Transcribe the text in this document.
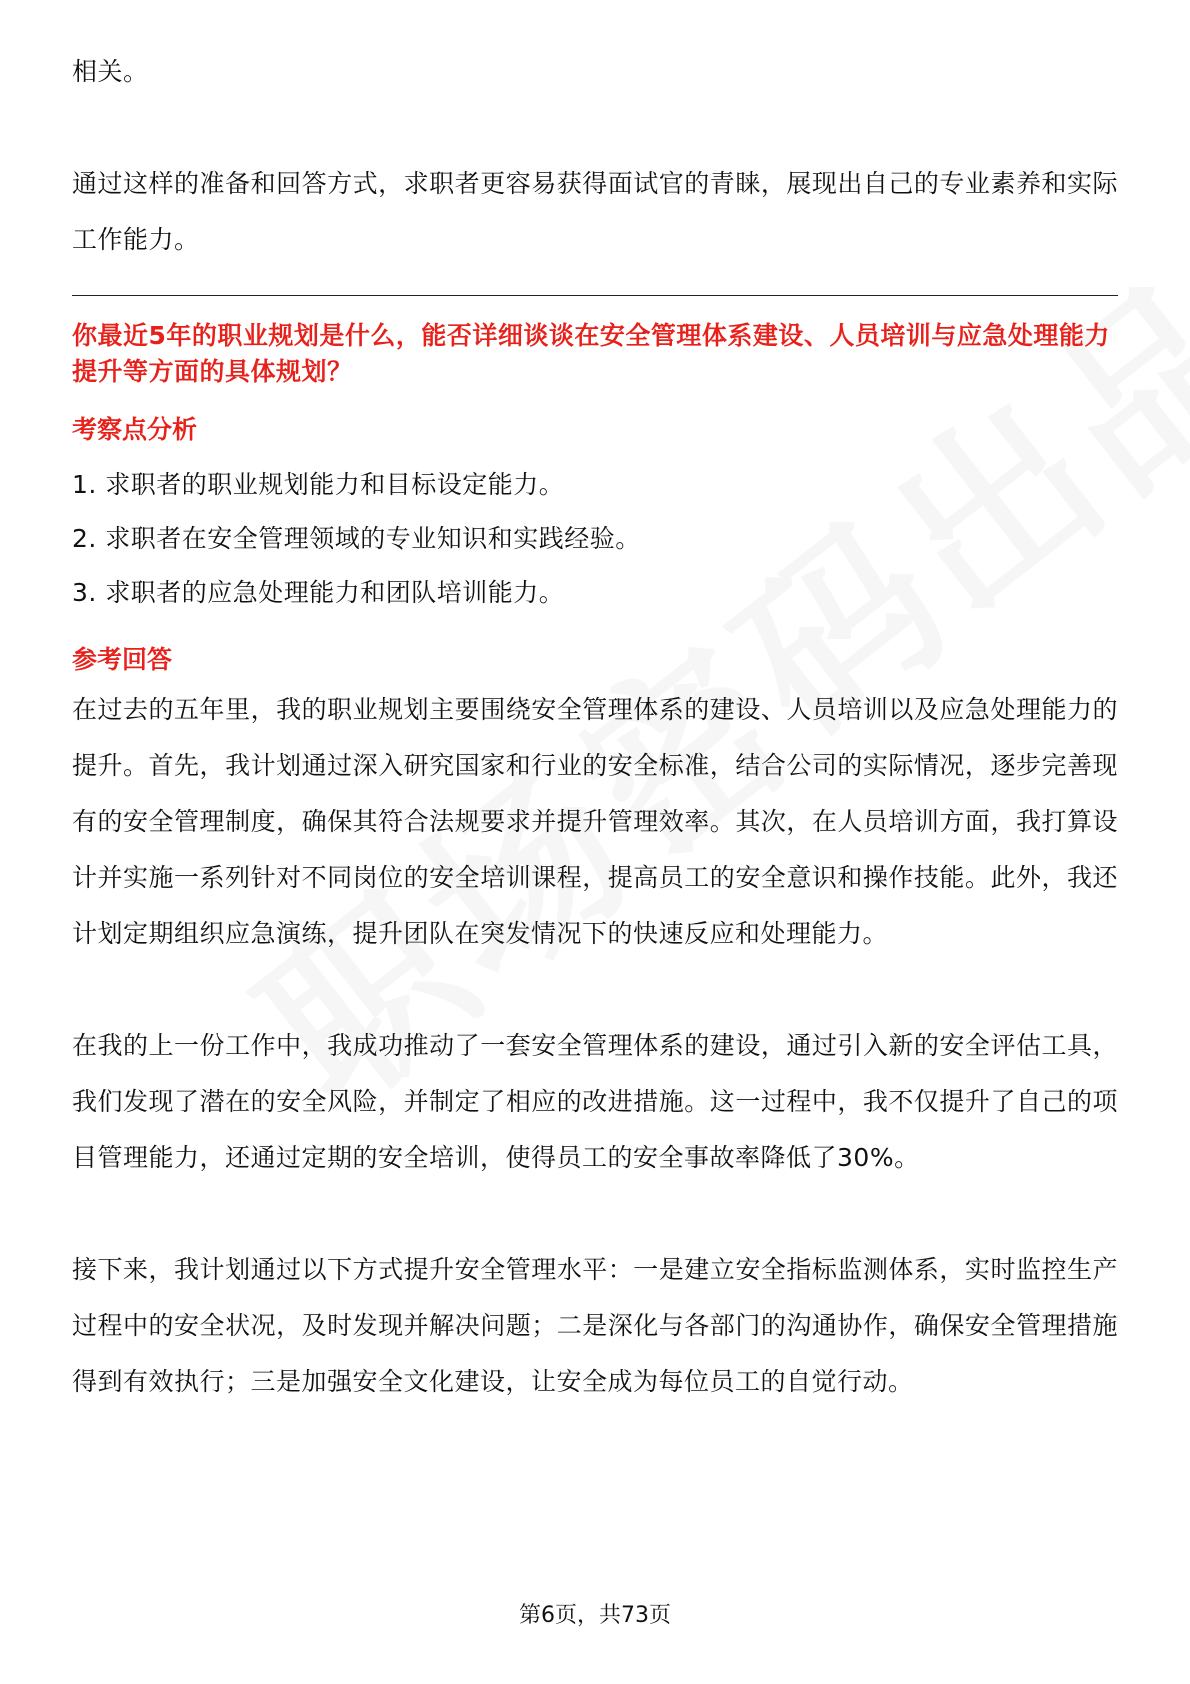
相关。

通过这样的准备和回答方式，求职者更容易获得面试官的青睐，展现出自己的专业素养和实际工作能力。

你最近5年的职业规划是什么，能否详细谈谈在安全管理体系建设、人员培训与应急处理能力提升等方面的具体规划？

考察点分析
1. 求职者的职业规划能力和目标设定能力。
2. 求职者在安全管理领域的专业知识和实践经验。
3. 求职者的应急处理能力和团队培训能力。
参考回答

在过去的五年里，我的职业规划主要围绕安全管理体系的建设、人员培训以及应急处理能力的提升。首先，我计划通过深入研究国家和行业的安全标准，结合公司的实际情况，逐步完善现有的安全管理制度，确保其符合法规要求并提升管理效率。其次，在人员培训方面，我打算设计并实施一系列针对不同岗位的安全培训课程，提高员工的安全意识和操作技能。此外，我还计划定期组织应急演练，提升团队在突发情况下的快速反应和处理能力。

在我的上一份工作中，我成功推动了一套安全管理体系的建设，通过引入新的安全评估工具，我们发现了潜在的安全风险，并制定了相应的改进措施。这一过程中，我不仅提升了自己的项目管理能力，还通过定期的安全培训，使得员工的安全事故率降低了30%。

接下来，我计划通过以下方式提升安全管理水平：一是建立安全指标监测体系，实时监控生产过程中的安全状况，及时发现并解决问题；二是深化与各部门的沟通协作，确保安全管理措施得到有效执行；三是加强安全文化建设，让安全成为每位员工的自觉行动。

第6页，共73页
